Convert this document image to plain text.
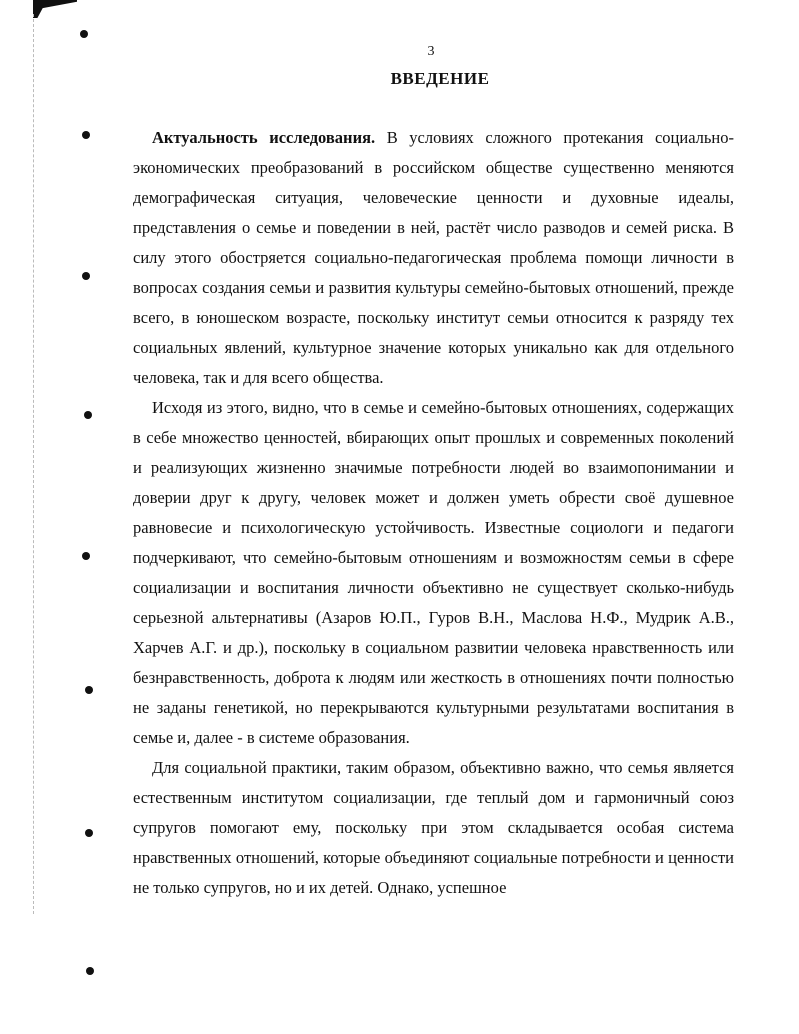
3
ВВЕДЕНИЕ

Актуальность исследования. В условиях сложного протекания социально-экономических преобразований в российском обществе существенно меняются демографическая ситуация, человеческие ценности и духовные идеалы, представления о семье и поведении в ней, растёт число разводов и семей риска. В силу этого обостряется социально-педагогическая проблема помощи личности в вопросах создания семьи и развития культуры семейно-бытовых отношений, прежде всего, в юношеском возрасте, поскольку институт семьи относится к разряду тех социальных явлений, культурное значение которых уникально как для отдельного человека, так и для всего общества.

Исходя из этого, видно, что в семье и семейно-бытовых отношениях, содержащих в себе множество ценностей, вбирающих опыт прошлых и современных поколений и реализующих жизненно значимые потребности людей во взаимопонимании и доверии друг к другу, человек может и должен уметь обрести своё душевное равновесие и психологическую устойчивость. Известные социологи и педагоги подчеркивают, что семейно-бытовым отношениям и возможностям семьи в сфере социализации и воспитания личности объективно не существует сколько-нибудь серьезной альтернативы (Азаров Ю.П., Гуров В.Н., Маслова Н.Ф., Мудрик А.В., Харчев А.Г. и др.), поскольку в социальном развитии человека нравственность или безнравственность, доброта к людям или жесткость в отношениях почти полностью не заданы генетикой, но перекрываются культурными результатами воспитания в семье и, далее - в системе образования.

Для социальной практики, таким образом, объективно важно, что семья является естественным институтом социализации, где теплый дом и гармоничный союз супругов помогают ему, поскольку при этом складывается особая система нравственных отношений, которые объединяют социальные потребности и ценности не только супругов, но и их детей. Однако, успешное
